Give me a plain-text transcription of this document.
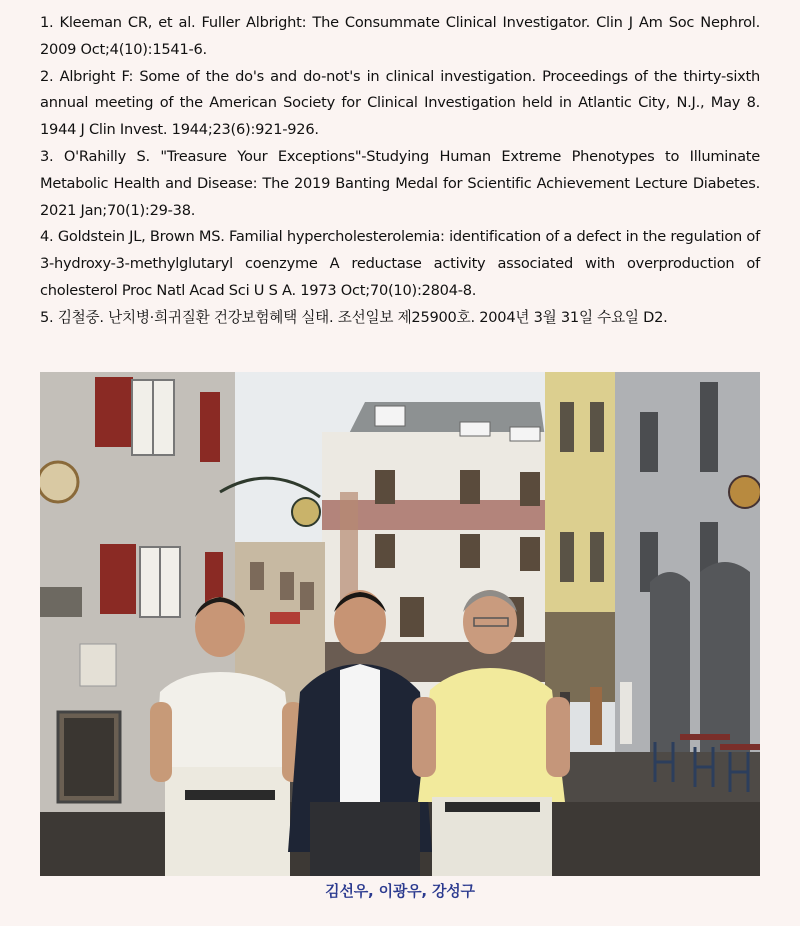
1. Kleeman CR, et al. Fuller Albright: The Consummate Clinical Investigator. Clin J Am Soc Nephrol. 2009 Oct;4(10):1541-6.

2. Albright F: Some of the do's and do-not's in clinical investigation. Proceedings of the thirty-sixth annual meeting of the American Society for Clinical Investigation held in Atlantic City, N.J., May 8. 1944 J Clin Invest. 1944;23(6):921-926.

3. O'Rahilly S. "Treasure Your Exceptions"-Studying Human Extreme Phenotypes to Illuminate Metabolic Health and Disease: The 2019 Banting Medal for Scientific Achievement Lecture Diabetes. 2021 Jan;70(1):29-38.

4. Goldstein JL, Brown MS. Familial hypercholesterolemia: identification of a defect in the regulation of 3-hydroxy-3-methylglutaryl coenzyme A reductase activity associated with overproduction of cholesterol Proc Natl Acad Sci U S A. 1973 Oct;70(10):2804-8.

5. 김철중. 난치병·희귀질환 건강보험혜택 실태. 조선일보 제25900호. 2004년 3월 31일 수요일 D2.

김선우, 이광우, 강성구
